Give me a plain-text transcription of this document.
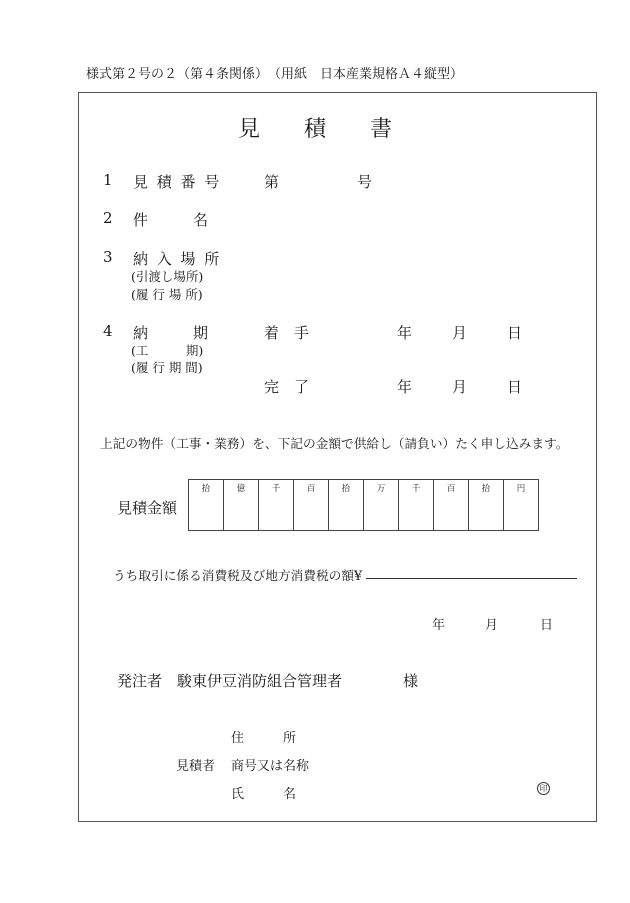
様式第２号の２（第４条関係）　（用紙　日本産業規格Ａ４縦型）
見 積 書
1 見 積 番 号	第	号
2 件　　　名
3 納 入 場 所
(引渡し場所)
(履 行 場 所)
4 納　　　期
(工　　　期)
(履 行 期 間)
着　手	年	月	日
完　了	年	月	日
上記の物件（工事・業務）を、下記の金額で供給し（請負い）たく申し込みます。
見積金額
拾	億	千	百	拾	万	千	百	拾	円
うち取引に係る消費税及び地方消費税の額¥
年	月	日
発注者 駿東伊豆消防組合管理者	様
住　　　所
見積者 商号又は名称
氏　　　名	印
